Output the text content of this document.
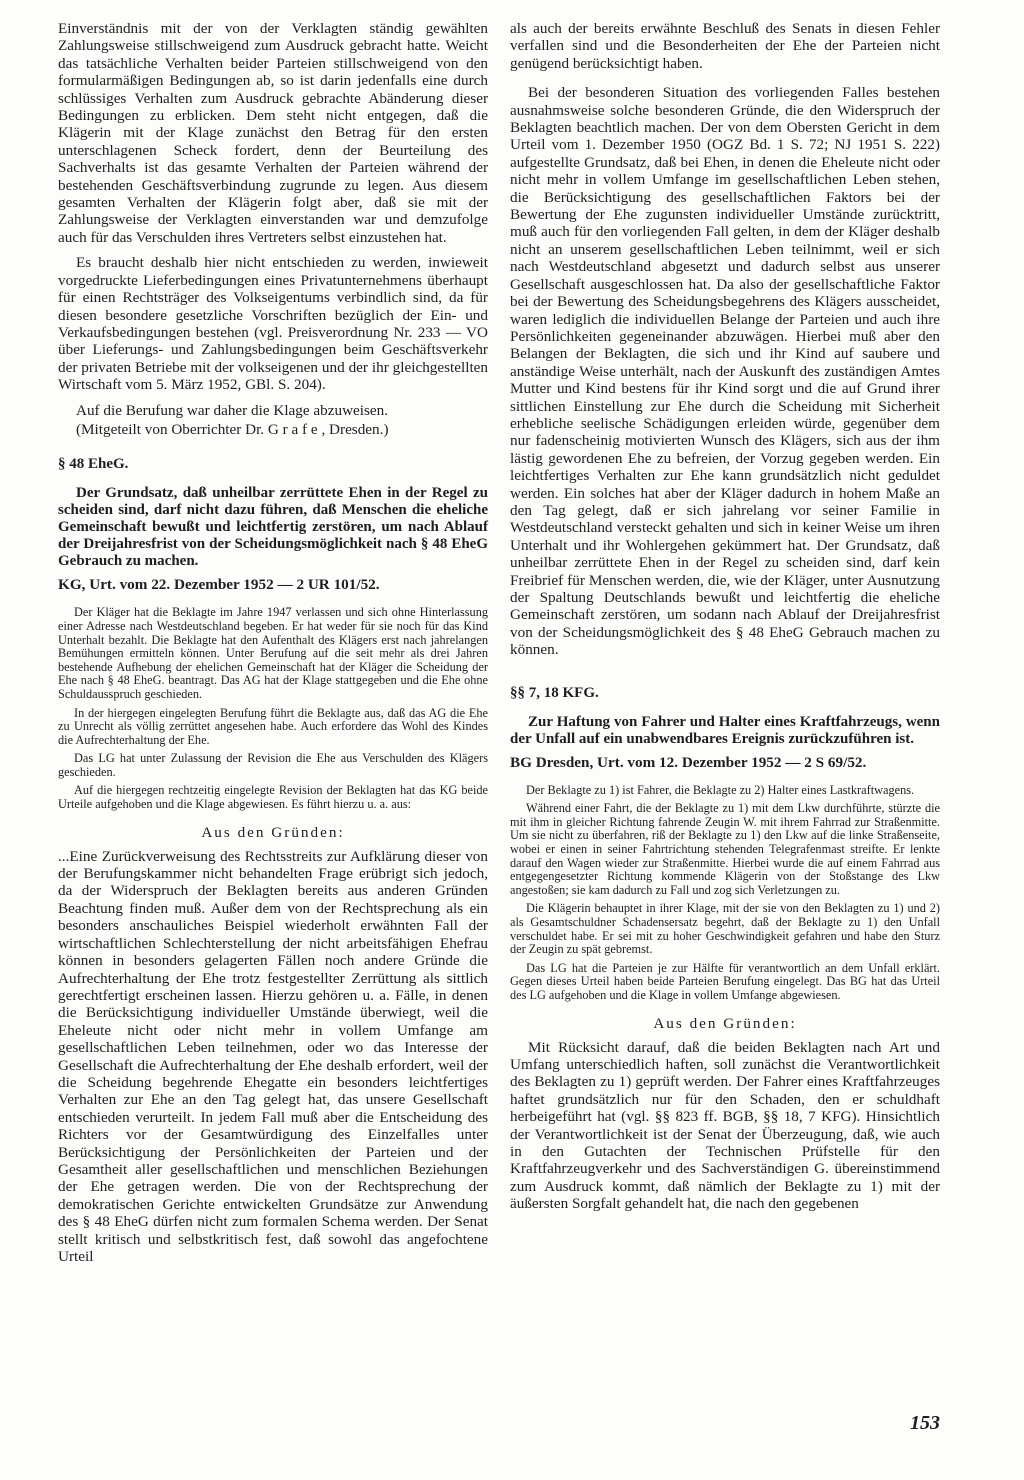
Einverständnis mit der von der Verklagten ständig gewählten Zahlungsweise stillschweigend zum Ausdruck gebracht hatte. Weicht das tatsächliche Verhalten beider Parteien stillschweigend von den formularmäßigen Bedingungen ab, so ist darin jedenfalls eine durch schlüssiges Verhalten zum Ausdruck gebrachte Abänderung dieser Bedingungen zu erblicken. Dem steht nicht entgegen, daß die Klägerin mit der Klage zunächst den Betrag für den ersten unterschlagenen Scheck fordert, denn der Beurteilung des Sachverhalts ist das gesamte Verhalten der Parteien während der bestehenden Geschäftsverbindung zugrunde zu legen. Aus diesem gesamten Verhalten der Klägerin folgt aber, daß sie mit der Zahlungsweise der Verklagten einverstanden war und demzufolge auch für das Verschulden ihres Vertreters selbst einzustehen hat.

Es braucht deshalb hier nicht entschieden zu werden, inwieweit vorgedruckte Lieferbedingungen eines Privatunternehmens überhaupt für einen Rechtsträger des Volkseigentums verbindlich sind, da für diesen besondere gesetzliche Vorschriften bezüglich der Ein- und Verkaufsbedingungen bestehen (vgl. Preisverordnung Nr. 233 — VO über Lieferungs- und Zahlungsbedingungen beim Geschäftsverkehr der privaten Betriebe mit der volkseigenen und der ihr gleichgestellten Wirtschaft vom 5. März 1952, GBl. S. 204).

Auf die Berufung war daher die Klage abzuweisen.

(Mitgeteilt von Oberrichter Dr. G r a f e , Dresden.)

§ 48 EheG.

Der Grundsatz, daß unheilbar zerrüttete Ehen in der Regel zu scheiden sind, darf nicht dazu führen, daß Menschen die eheliche Gemeinschaft bewußt und leichtfertig zerstören, um nach Ablauf der Dreijahresfrist von der Scheidungsmöglichkeit nach § 48 EheG Gebrauch zu machen.

KG, Urt. vom 22. Dezember 1952 — 2 UR 101/52.

Der Kläger hat die Beklagte im Jahre 1947 verlassen und sich ohne Hinterlassung einer Adresse nach Westdeutschland begeben. Er hat weder für sie noch für das Kind Unterhalt bezahlt. Die Beklagte hat den Aufenthalt des Klägers erst nach jahrelangen Bemühungen ermitteln können. Unter Berufung auf die seit mehr als drei Jahren bestehende Aufhebung der ehelichen Gemeinschaft hat der Kläger die Scheidung der Ehe nach § 48 EheG. beantragt. Das AG hat der Klage stattgegeben und die Ehe ohne Schuldausspruch geschieden.

In der hiergegen eingelegten Berufung führt die Beklagte aus, daß das AG die Ehe zu Unrecht als völlig zerrüttet angesehen habe. Auch erfordere das Wohl des Kindes die Aufrechterhaltung der Ehe.

Das LG hat unter Zulassung der Revision die Ehe aus Verschulden des Klägers geschieden.

Auf die hiergegen rechtzeitig eingelegte Revision der Beklagten hat das KG beide Urteile aufgehoben und die Klage abgewiesen. Es führt hierzu u. a. aus:

Aus den Gründen:

...Eine Zurückverweisung des Rechtsstreits zur Aufklärung dieser von der Berufungskammer nicht behandelten Frage erübrigt sich jedoch, da der Widerspruch der Beklagten bereits aus anderen Gründen Beachtung finden muß. Außer dem von der Rechtsprechung als ein besonders anschauliches Beispiel wiederholt erwähnten Fall der wirtschaftlichen Schlechterstellung der nicht arbeitsfähigen Ehefrau können in besonders gelagerten Fällen noch andere Gründe die Aufrechterhaltung der Ehe trotz festgestellter Zerrüttung als sittlich gerechtfertigt erscheinen lassen. Hierzu gehören u. a. Fälle, in denen die Berücksichtigung individueller Umstände überwiegt, weil die Eheleute nicht oder nicht mehr in vollem Umfange am gesellschaftlichen Leben teilnehmen, oder wo das Interesse der Gesellschaft die Aufrechterhaltung der Ehe deshalb erfordert, weil der die Scheidung begehrende Ehegatte ein besonders leichtfertiges Verhalten zur Ehe an den Tag gelegt hat, das unsere Gesellschaft entschieden verurteilt. In jedem Fall muß aber die Entscheidung des Richters vor der Gesamtwürdigung des Einzelfalles unter Berücksichtigung der Persönlichkeiten der Parteien und der Gesamtheit aller gesellschaftlichen und menschlichen Beziehungen der Ehe getragen werden. Die von der Rechtsprechung der demokratischen Gerichte entwickelten Grundsätze zur Anwendung des § 48 EheG dürfen nicht zum formalen Schema werden. Der Senat stellt kritisch und selbstkritisch fest, daß sowohl das angefochtene Urteil

als auch der bereits erwähnte Beschluß des Senats in diesen Fehler verfallen sind und die Besonderheiten der Ehe der Parteien nicht genügend berücksichtigt haben.

Bei der besonderen Situation des vorliegenden Falles bestehen ausnahmsweise solche besonderen Gründe, die den Widerspruch der Beklagten beachtlich machen. Der von dem Obersten Gericht in dem Urteil vom 1. Dezember 1950 (OGZ Bd. 1 S. 72; NJ 1951 S. 222) aufgestellte Grundsatz, daß bei Ehen, in denen die Eheleute nicht oder nicht mehr in vollem Umfange im gesellschaftlichen Leben stehen, die Berücksichtigung des gesellschaftlichen Faktors bei der Bewertung der Ehe zugunsten individueller Umstände zurücktritt, muß auch für den vorliegenden Fall gelten, in dem der Kläger deshalb nicht an unserem gesellschaftlichen Leben teilnimmt, weil er sich nach Westdeutschland abgesetzt und dadurch selbst aus unserer Gesellschaft ausgeschlossen hat. Da also der gesellschaftliche Faktor bei der Bewertung des Scheidungsbegehrens des Klägers ausscheidet, waren lediglich die individuellen Belange der Parteien und auch ihre Persönlichkeiten gegeneinander abzuwägen. Hierbei muß aber den Belangen der Beklagten, die sich und ihr Kind auf saubere und anständige Weise unterhält, nach der Auskunft des zuständigen Amtes Mutter und Kind bestens für ihr Kind sorgt und die auf Grund ihrer sittlichen Einstellung zur Ehe durch die Scheidung mit Sicherheit erhebliche seelische Schädigungen erleiden würde, gegenüber dem nur fadenscheinig motivierten Wunsch des Klägers, sich aus der ihm lästig gewordenen Ehe zu befreien, der Vorzug gegeben werden. Ein leichtfertiges Verhalten zur Ehe kann grundsätzlich nicht geduldet werden. Ein solches hat aber der Kläger dadurch in hohem Maße an den Tag gelegt, daß er sich jahrelang vor seiner Familie in Westdeutschland versteckt gehalten und sich in keiner Weise um ihren Unterhalt und ihr Wohlergehen gekümmert hat. Der Grundsatz, daß unheilbar zerrüttete Ehen in der Regel zu scheiden sind, darf kein Freibrief für Menschen werden, die, wie der Kläger, unter Ausnutzung der Spaltung Deutschlands bewußt und leichtfertig die eheliche Gemeinschaft zerstören, um sodann nach Ablauf der Dreijahresfrist von der Scheidungsmöglichkeit des § 48 EheG Gebrauch machen zu können.

§§ 7, 18 KFG.

Zur Haftung von Fahrer und Halter eines Kraftfahrzeugs, wenn der Unfall auf ein unabwendbares Ereignis zurückzuführen ist.

BG Dresden, Urt. vom 12. Dezember 1952 — 2 S 69/52.

Der Beklagte zu 1) ist Fahrer, die Beklagte zu 2) Halter eines Lastkraftwagens.

Während einer Fahrt, die der Beklagte zu 1) mit dem Lkw durchführte, stürzte die mit ihm in gleicher Richtung fahrende Zeugin W. mit ihrem Fahrrad zur Straßenmitte. Um sie nicht zu überfahren, riß der Beklagte zu 1) den Lkw auf die linke Straßenseite, wobei er einen in seiner Fahrtrichtung stehenden Telegrafenmast streifte. Er lenkte darauf den Wagen wieder zur Straßenmitte. Hierbei wurde die auf einem Fahrrad aus entgegengesetzter Richtung kommende Klägerin von der Stoßstange des Lkw angestoßen; sie kam dadurch zu Fall und zog sich Verletzungen zu.

Die Klägerin behauptet in ihrer Klage, mit der sie von den Beklagten zu 1) und 2) als Gesamtschuldner Schadensersatz begehrt, daß der Beklagte zu 1) den Unfall verschuldet habe. Er sei mit zu hoher Geschwindigkeit gefahren und habe den Sturz der Zeugin zu spät gebremst.

Das LG hat die Parteien je zur Hälfte für verantwortlich an dem Unfall erklärt. Gegen dieses Urteil haben beide Parteien Berufung eingelegt. Das BG hat das Urteil des LG aufgehoben und die Klage in vollem Umfange abgewiesen.

Aus den Gründen:

Mit Rücksicht darauf, daß die beiden Beklagten nach Art und Umfang unterschiedlich haften, soll zunächst die Verantwortlichkeit des Beklagten zu 1) geprüft werden. Der Fahrer eines Kraftfahrzeuges haftet grundsätzlich nur für den Schaden, den er schuldhaft herbeigeführt hat (vgl. §§ 823 ff. BGB, §§ 18, 7 KFG). Hinsichtlich der Verantwortlichkeit ist der Senat der Überzeugung, daß, wie auch in den Gutachten der Technischen Prüfstelle für den Kraftfahrzeugverkehr und des Sachverständigen G. übereinstimmend zum Ausdruck kommt, daß nämlich der Beklagte zu 1) mit der äußersten Sorgfalt gehandelt hat, die nach den gegebenen

153
